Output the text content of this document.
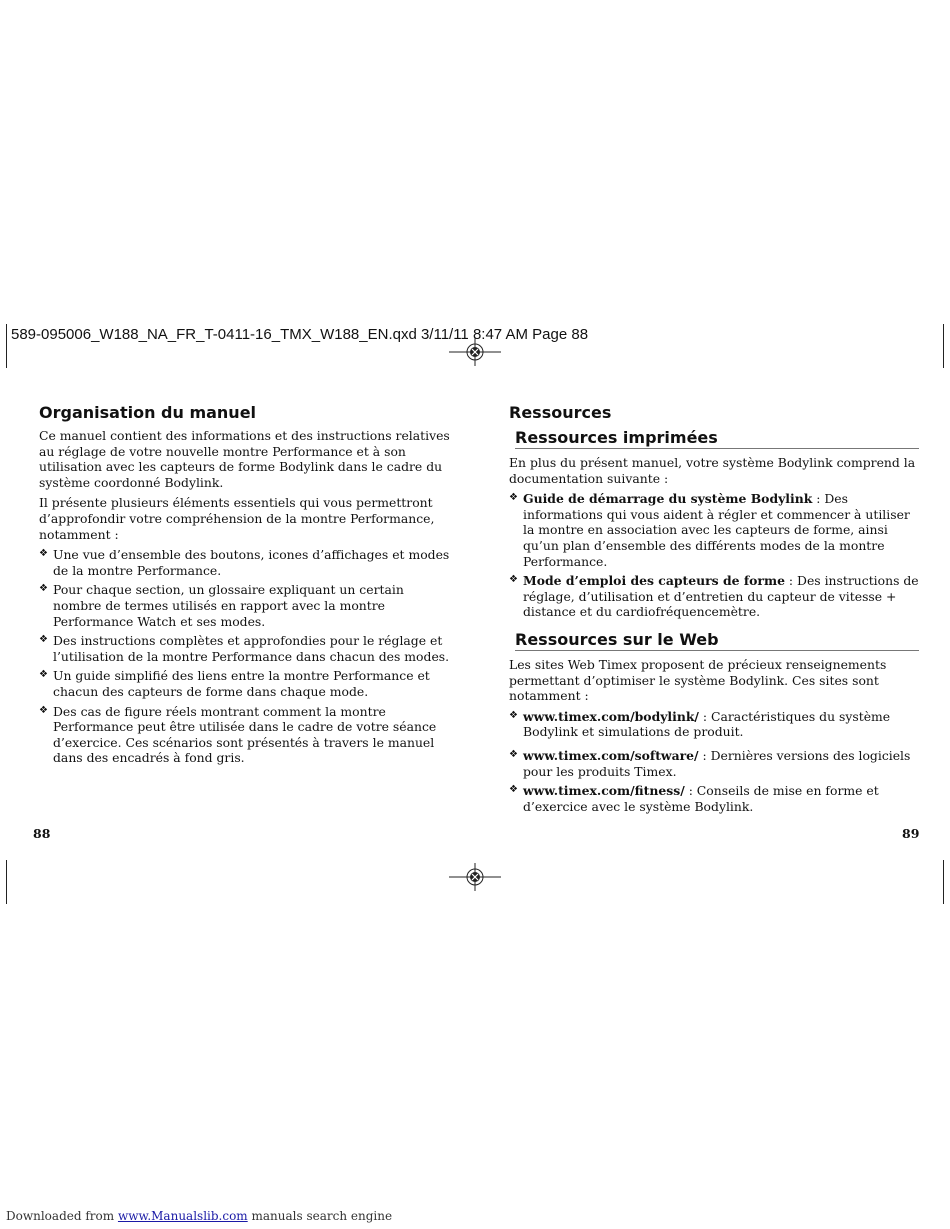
589-095006_W188_NA_FR_T-0411-16_TMX_W188_EN.qxd 3/11/11 8:47 AM Page 88
Organisation du manuel

Ce manuel contient des informations et des instructions relatives au réglage de votre nouvelle montre Performance et à son utilisation avec les capteurs de forme Bodylink dans le cadre du système coordonné Bodylink.

Il présente plusieurs éléments essentiels qui vous permettront d’approfondir votre compréhension de la montre Performance, notamment :

❖ Une vue d’ensemble des boutons, icones d’affichages et modes de la montre Performance.
❖ Pour chaque section, un glossaire expliquant un certain nombre de termes utilisés en rapport avec la montre Performance Watch et ses modes.
❖ Des instructions complètes et approfondies pour le réglage et l’utilisation de la montre Performance dans chacun des modes.
❖ Un guide simplifié des liens entre la montre Performance et chacun des capteurs de forme dans chaque mode.
❖ Des cas de figure réels montrant comment la montre Performance peut être utilisée dans le cadre de votre séance d’exercice. Ces scénarios sont présentés à travers le manuel dans des encadrés à fond gris.
Ressources
Ressources imprimées

En plus du présent manuel, votre système Bodylink comprend la documentation suivante :

❖ Guide de démarrage du système Bodylink : Des informations qui vous aident à régler et commencer à utiliser la montre en association avec les capteurs de forme, ainsi qu’un plan d’ensemble des différents modes de la montre Performance.
❖ Mode d’emploi des capteurs de forme : Des instructions de réglage, d’utilisation et d’entretien du capteur de vitesse + distance et du cardiofréquencemètre.
Ressources sur le Web

Les sites Web Timex proposent de précieux renseignements permettant d’optimiser le système Bodylink. Ces sites sont notamment :

❖ www.timex.com/bodylink/ : Caractéristiques du système Bodylink et simulations de produit.
❖ www.timex.com/software/ : Dernières versions des logiciels pour les produits Timex.
❖ www.timex.com/fitness/ : Conseils de mise en forme et d’exercice avec le système Bodylink.
88	89
Downloaded from www.Manualslib.com manuals search engine
